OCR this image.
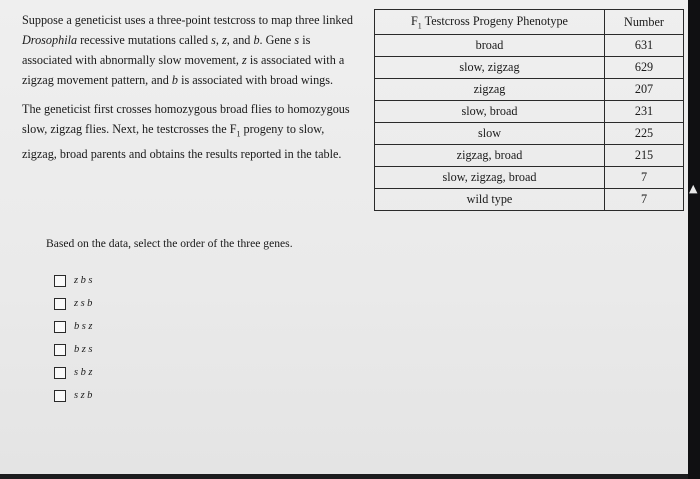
Suppose a geneticist uses a three-point testcross to map three linked Drosophila recessive mutations called s, z, and b. Gene s is associated with abnormally slow movement, z is associated with a zigzag movement pattern, and b is associated with broad wings.

The geneticist first crosses homozygous broad flies to homozygous slow, zigzag flies. Next, he testcrosses the $F_1$ progeny to slow, zigzag, broad parents and obtains the results reported in the table.

$F_1$ Testcross Progeny Phenotype	Number
broad	631
slow, zigzag	629
zigzag	207
slow, broad	231
slow	225
zigzag, broad	215
slow, zigzag, broad	7
wild type	7
Based on the data, select the order of the three genes.
zbs
zsb
bsz
bzs
sbz
szb
▲
